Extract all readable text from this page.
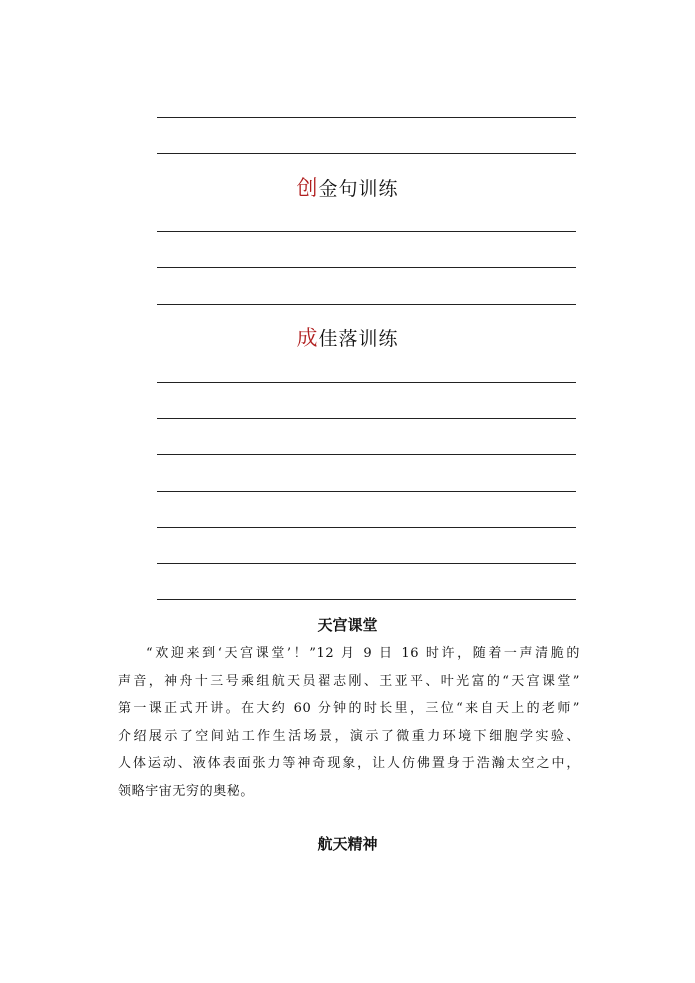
创金句训练
成佳落训练
天宫课堂
“欢迎来到‘天宫课堂’！”12 月 9 日 16 时许，随着一声清脆的
声音，神舟十三号乘组航天员翟志刚、王亚平、叶光富的“天宫课堂”
第一课正式开讲。在大约 60 分钟的时长里，三位“来自天上的老师”
介绍展示了空间站工作生活场景，演示了微重力环境下细胞学实验、
人体运动、液体表面张力等神奇现象，让人仿佛置身于浩瀚太空之中，
领略宇宙无穷的奥秘。
航天精神
